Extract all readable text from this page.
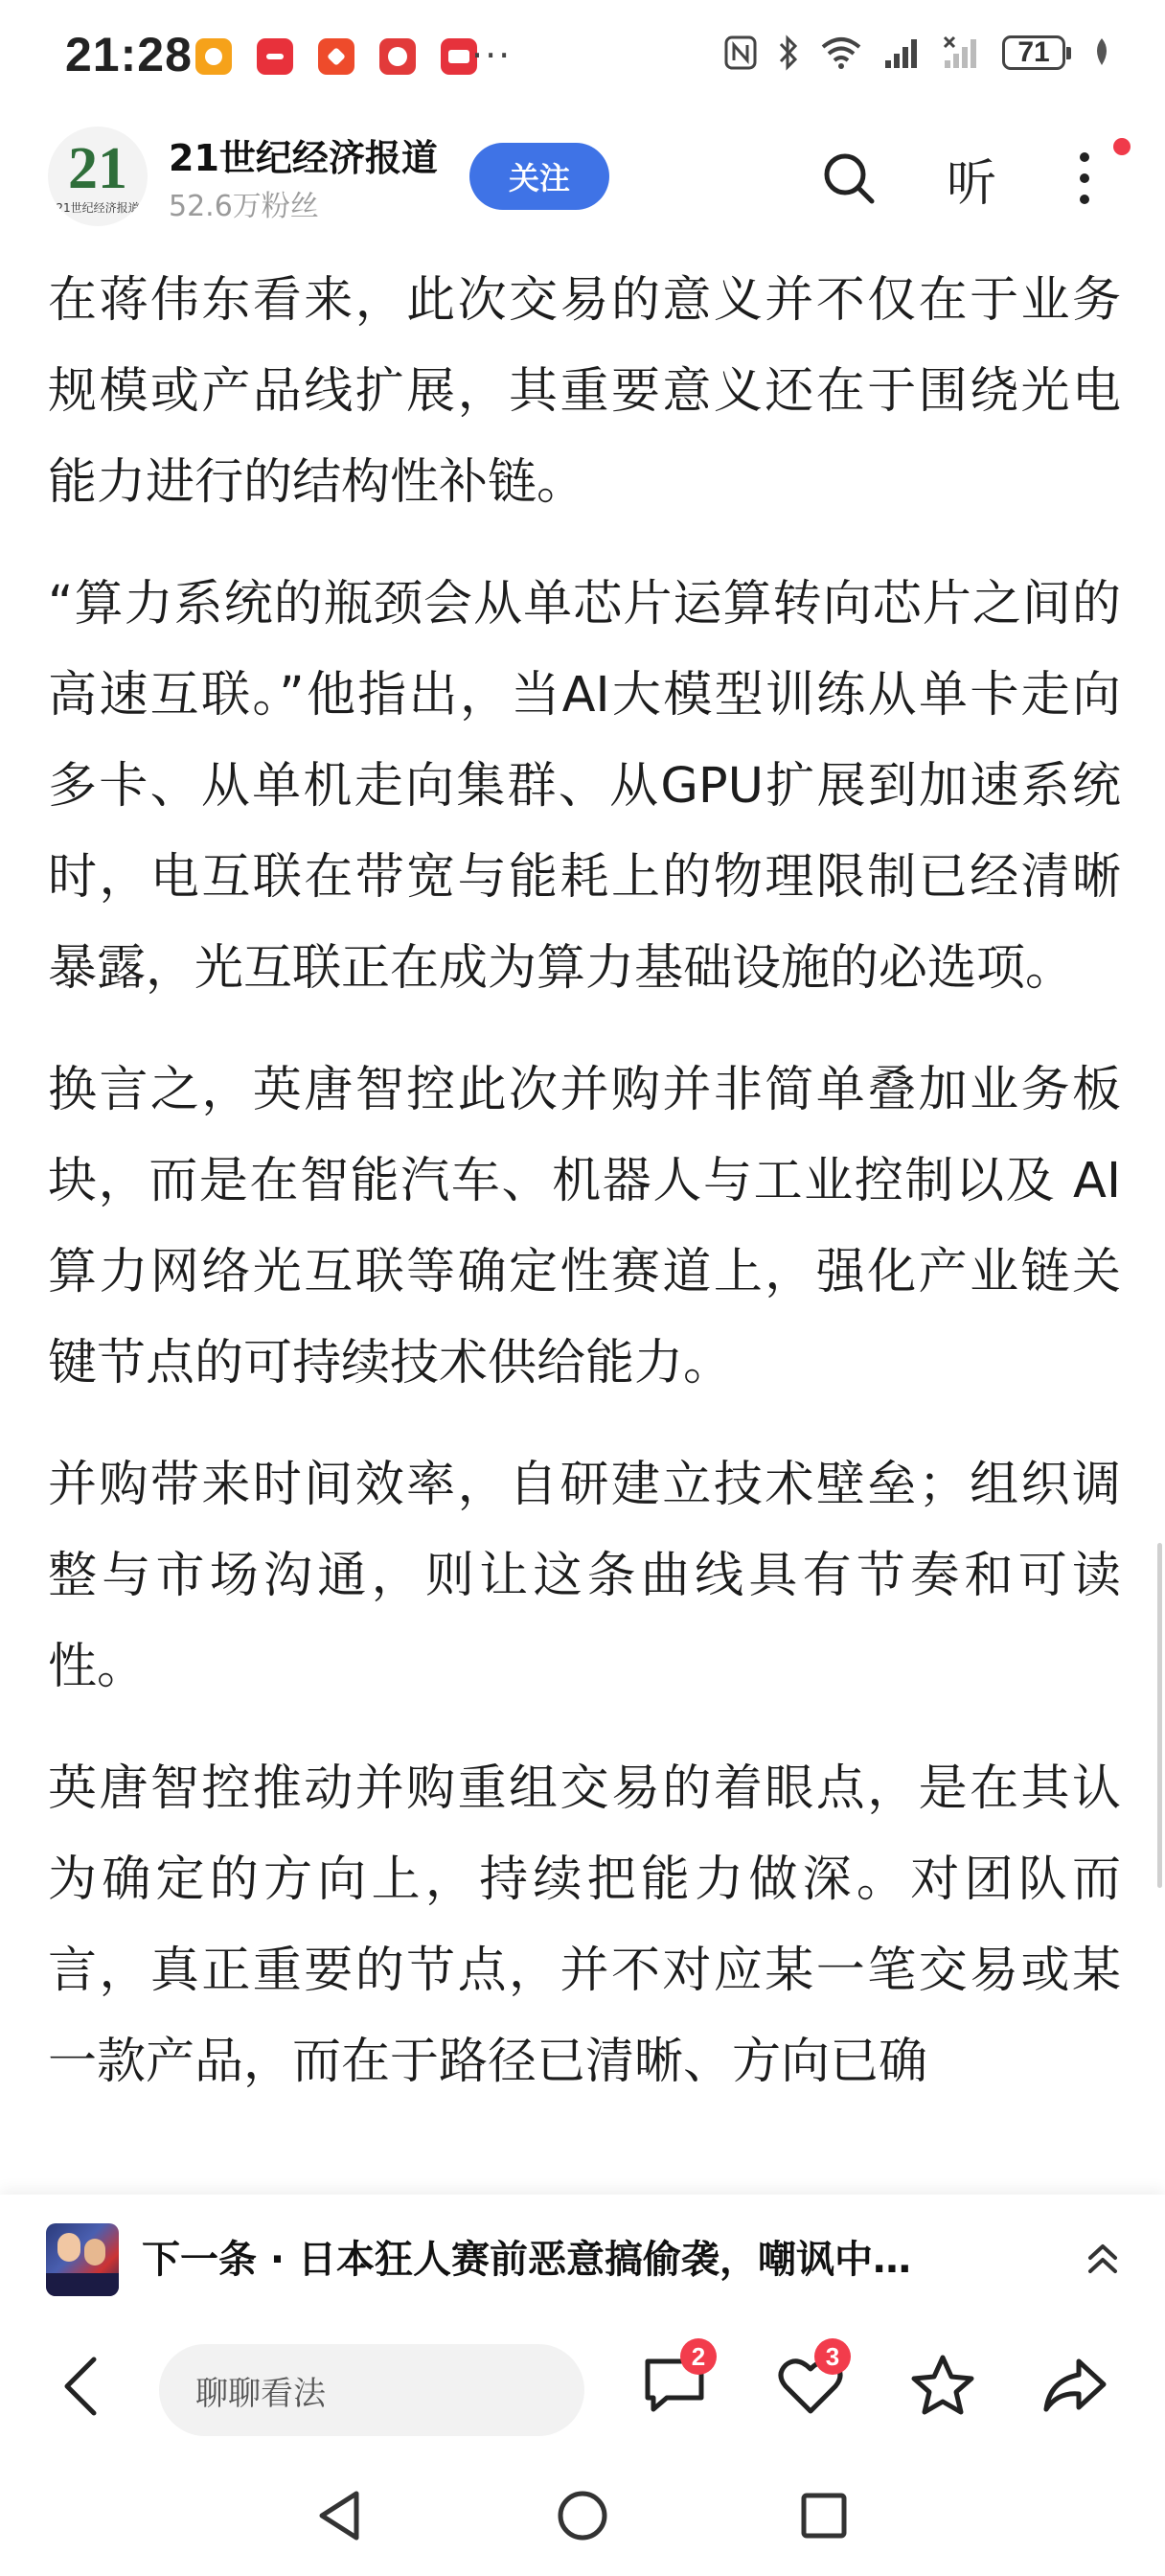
21:28	···	71
21
21世纪经济报道
21世纪经济报道
52.6万粉丝
关注	听

在蒋伟东看来，此次交易的意义并不仅在于业务规模或产品线扩展，其重要意义还在于围绕光电能力进行的结构性补链。

“算力系统的瓶颈会从单芯片运算转向芯片之间的高速互联。”他指出，当AI大模型训练从单卡走向多卡、从单机走向集群、从GPU扩展到加速系统时，电互联在带宽与能耗上的物理限制已经清晰暴露，光互联正在成为算力基础设施的必选项。

换言之，英唐智控此次并购并非简单叠加业务板块，而是在智能汽车、机器人与工业控制以及 AI 算力网络光互联等确定性赛道上，强化产业链关键节点的可持续技术供给能力。

并购带来时间效率，自研建立技术壁垒；组织调整与市场沟通，则让这条曲线具有节奏和可读性。

英唐智控推动并购重组交易的着眼点，是在其认为确定的方向上，持续把能力做深。对团队而言，真正重要的节点，并不对应某一笔交易或某一款产品，而在于路径已清晰、方向已确

下一条 · 日本狂人赛前恶意搞偷袭，嘲讽中…
聊聊看法
2	3
